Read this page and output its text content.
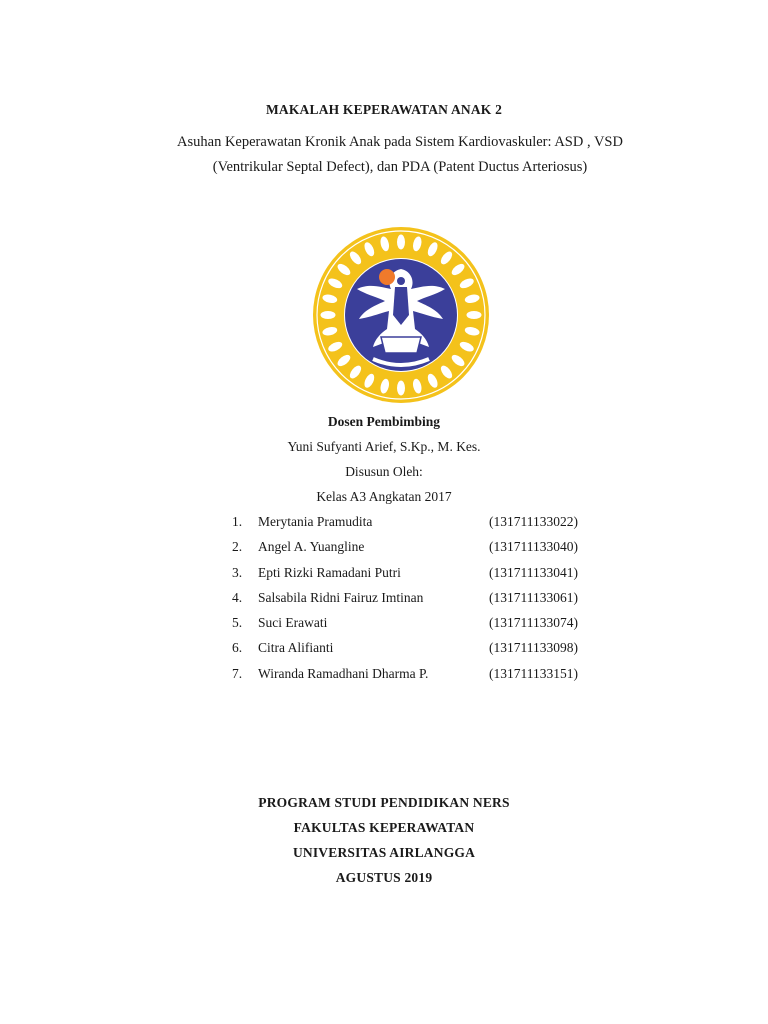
MAKALAH KEPERAWATAN ANAK 2
Asuhan Keperawatan Kronik Anak pada Sistem Kardiovaskuler: ASD , VSD
(Ventrikular Septal Defect), dan PDA (Patent Ductus Arteriosus)
Dosen Pembimbing
Yuni Sufyanti Arief, S.Kp., M. Kes.
Disusun Oleh:
Kelas A3 Angkatan 2017
1. Merytania Pramudita	(131711133022)
2. Angel A. Yuangline	(131711133040)
3. Epti Rizki Ramadani Putri	(131711133041)
4. Salsabila Ridni Fairuz Imtinan	(131711133061)
5. Suci Erawati	(131711133074)
6. Citra Alifianti	(131711133098)
7. Wiranda Ramadhani Dharma P.	(131711133151)
PROGRAM STUDI PENDIDIKAN NERS
FAKULTAS KEPERAWATAN
UNIVERSITAS AIRLANGGA
AGUSTUS 2019
